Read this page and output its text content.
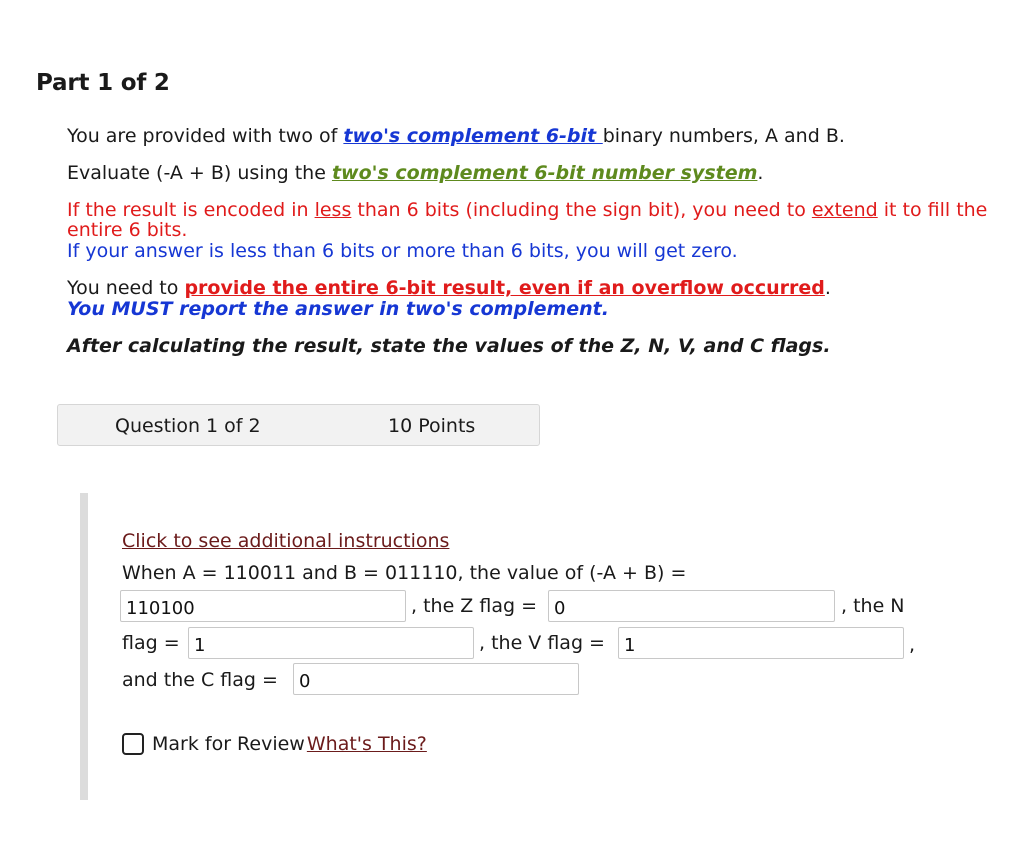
Part 1 of 2
You are provided with two of two's complement 6-bit binary numbers, A and B.
Evaluate (-A + B) using the two's complement 6-bit number system.
If the result is encoded in less than 6 bits (including the sign bit), you need to extend it to fill the
entire 6 bits.
If your answer is less than 6 bits or more than 6 bits, you will get zero.
You need to provide the entire 6-bit result, even if an overflow occurred.
You MUST report the answer in two's complement.
After calculating the result, state the values of the Z, N, V, and C flags.
Question 1 of 2	10 Points
Click to see additional instructions
When A = 110011 and B = 011110, the value of (-A + B) =
110100
, the Z flag =
0	, the N
flag =
1	, the V flag =
1	,
and the C flag =
0
Mark for Review What's This?
